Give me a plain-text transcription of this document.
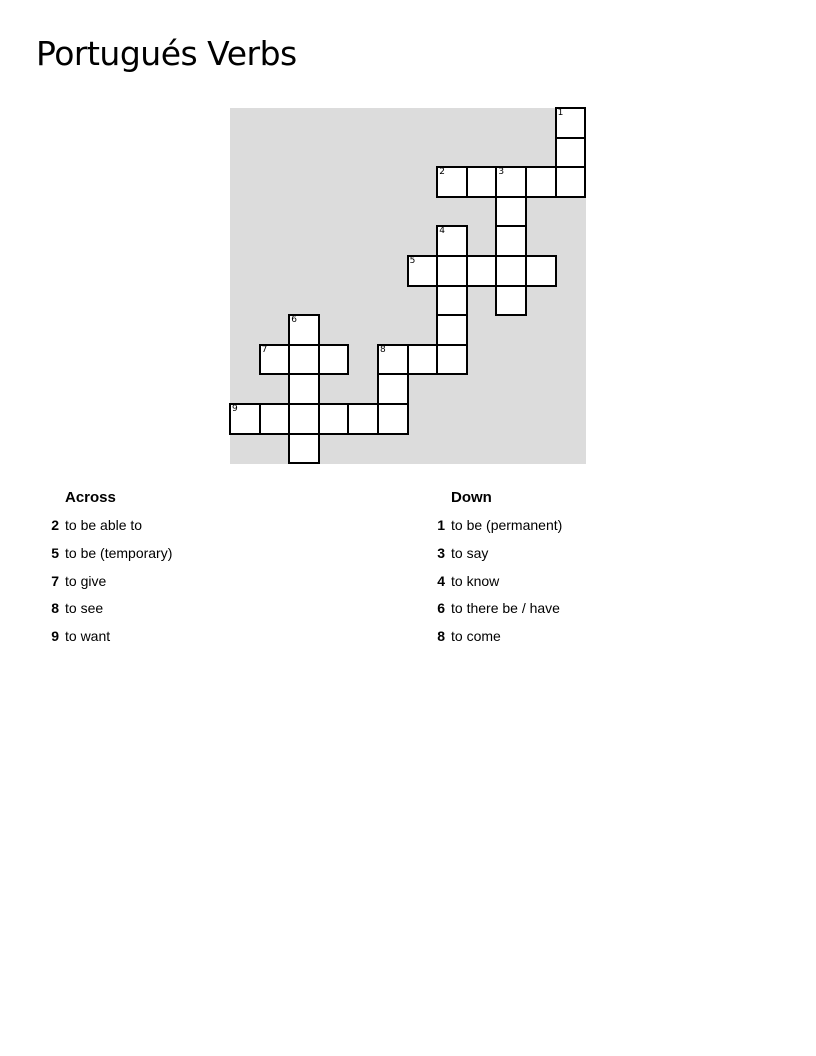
Portugués Verbs
1
2	3
4
5
6
7	8
9
Across
2 to be able to
5 to be (temporary)
7 to give
8 to see
9 to want
Down
1 to be (permanent)
3 to say
4 to know
6 to there be / have
8 to come
